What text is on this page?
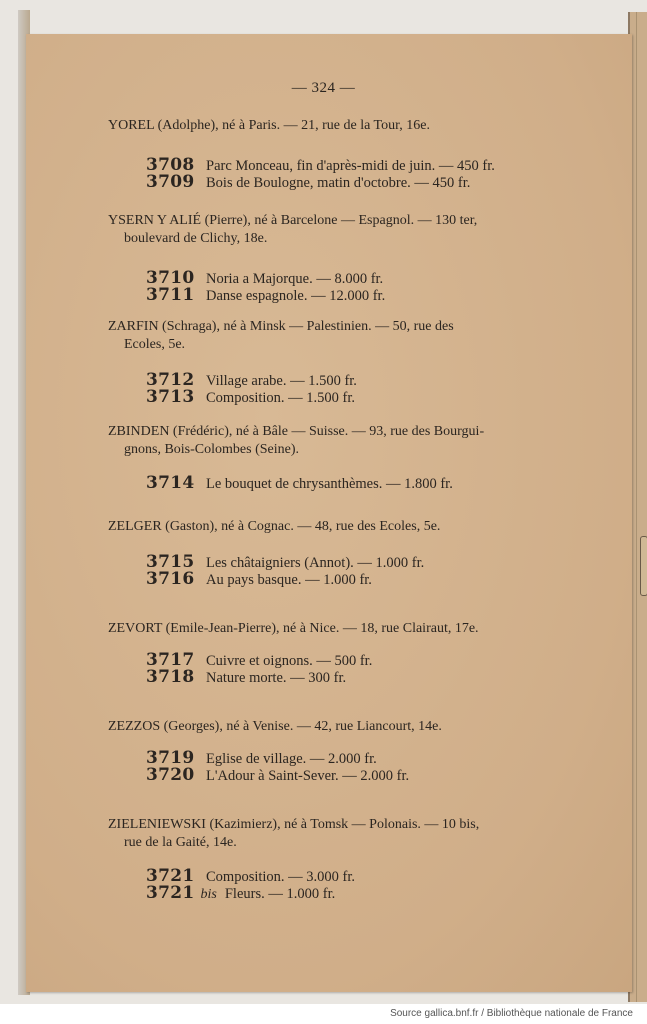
— 324 —
YOREL (Adolphe), né à Paris. — 21, rue de la Tour, 16e.
3708 Parc Monceau, fin d'après-midi de juin. — 450 fr.
3709 Bois de Boulogne, matin d'octobre. — 450 fr.
YSERN Y ALIÉ (Pierre), né à Barcelone — Espagnol. — 130 ter,
boulevard de Clichy, 18e.
3710 Noria a Majorque. — 8.000 fr.
3711 Danse espagnole. — 12.000 fr.
ZARFIN (Schraga), né à Minsk — Palestinien. — 50, rue des
Ecoles, 5e.
3712 Village arabe. — 1.500 fr.
3713 Composition. — 1.500 fr.
ZBINDEN (Frédéric), né à Bâle — Suisse. — 93, rue des Bourgui-
gnons, Bois-Colombes (Seine).
3714 Le bouquet de chrysanthèmes. — 1.800 fr.
ZELGER (Gaston), né à Cognac. — 48, rue des Ecoles, 5e.
3715 Les châtaigniers (Annot). — 1.000 fr.
3716 Au pays basque. — 1.000 fr.
ZEVORT (Emile-Jean-Pierre), né à Nice. — 18, rue Clairaut, 17e.
3717 Cuivre et oignons. — 500 fr.
3718 Nature morte. — 300 fr.
ZEZZOS (Georges), né à Venise. — 42, rue Liancourt, 14e.
3719 Eglise de village. — 2.000 fr.
3720 L'Adour à Saint-Sever. — 2.000 fr.
ZIELENIEWSKI (Kazimierz), né à Tomsk — Polonais. — 10 bis,
rue de la Gaité, 14e.
3721 Composition. — 3.000 fr.
3721 bis Fleurs. — 1.000 fr.
Source gallica.bnf.fr / Bibliothèque nationale de France
